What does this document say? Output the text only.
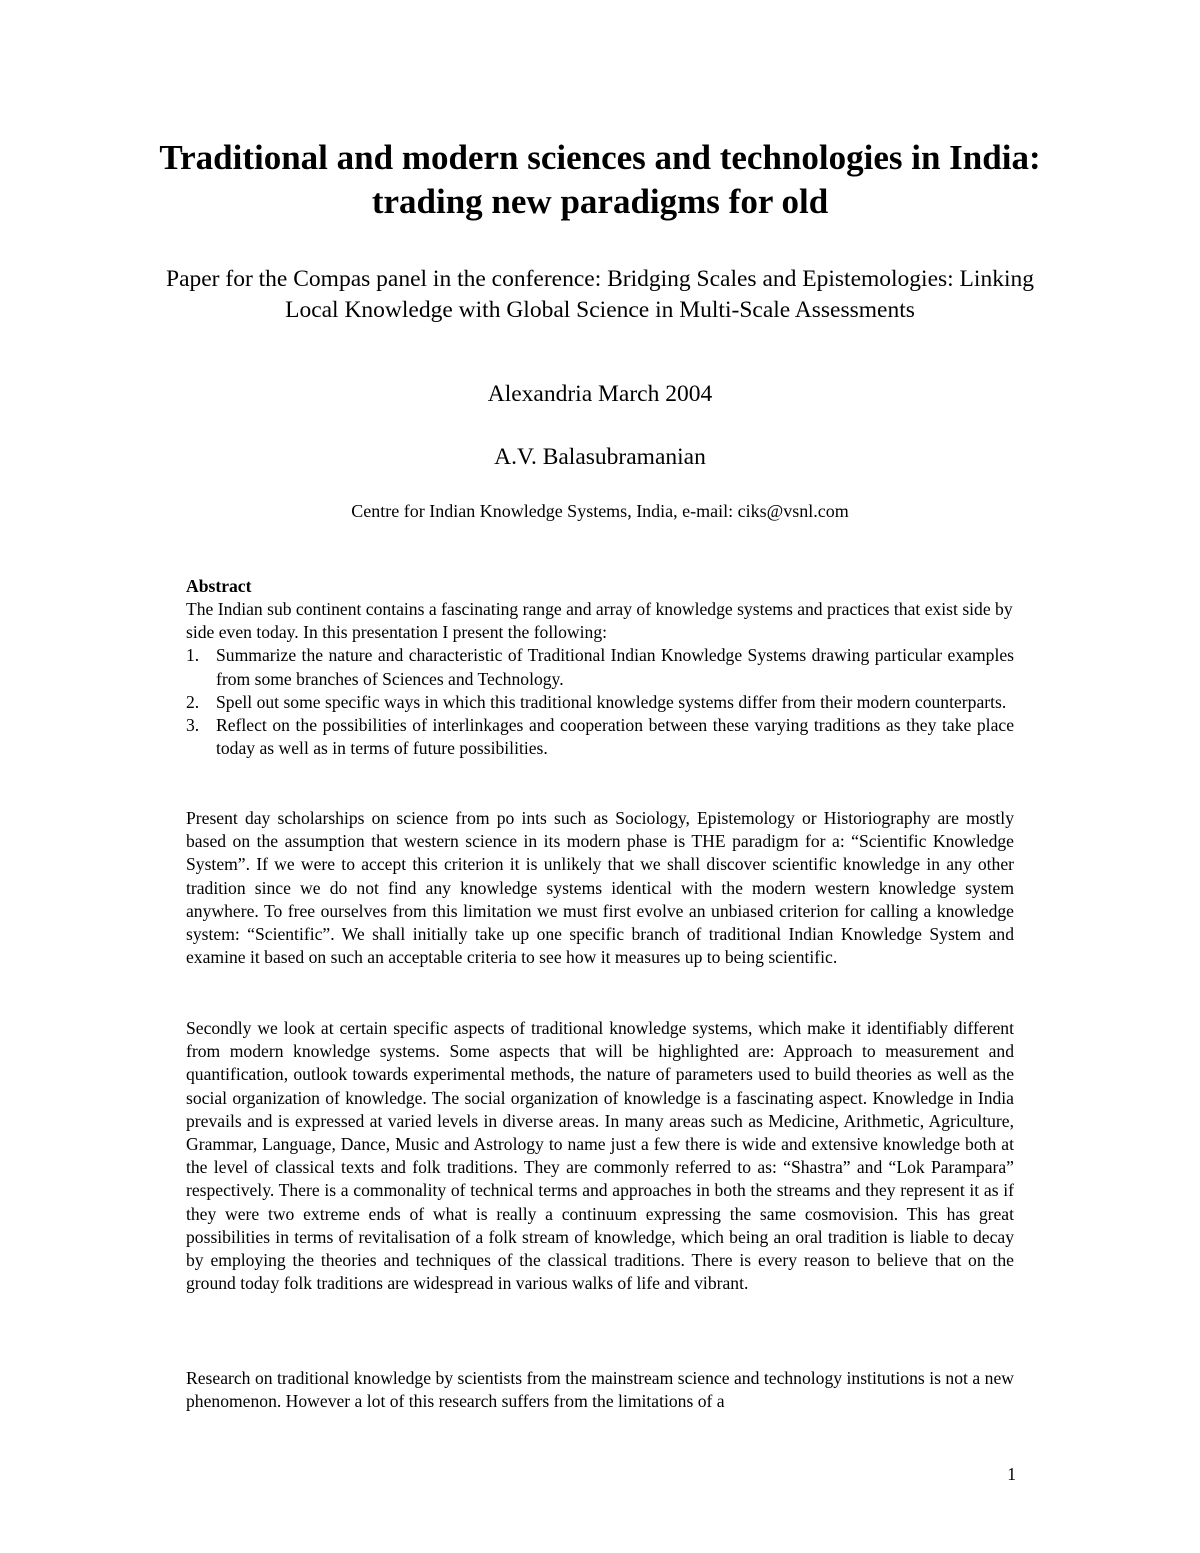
Traditional and modern sciences and technologies in India: trading new paradigms for old

Paper for the Compas panel in the conference: Bridging Scales and Epistemologies: Linking Local Knowledge with Global Science in Multi-Scale Assessments

Alexandria March 2004

A.V. Balasubramanian

Centre for Indian Knowledge Systems, India, e-mail: ciks@vsnl.com

Abstract

The Indian sub continent contains a fascinating range and array of knowledge systems and practices that exist side by side even today. In this presentation I present the following:

1. Summarize the nature and characteristic of Traditional Indian Knowledge Systems drawing particular examples from some branches of Sciences and Technology.
2. Spell out some specific ways in which this traditional knowledge systems differ from their modern counterparts.
3. Reflect on the possibilities of interlinkages and cooperation between these varying traditions as they take place today as well as in terms of future possibilities.

Present day scholarships on science from po ints such as Sociology, Epistemology or Historiography are mostly based on the assumption that western science in its modern phase is THE paradigm for a: “Scientific Knowledge System”. If we were to accept this criterion it is unlikely that we shall discover scientific knowledge in any other tradition since we do not find any knowledge systems identical with the modern western knowledge system anywhere. To free ourselves from this limitation we must first evolve an unbiased criterion for calling a knowledge system: “Scientific”. We shall initially take up one specific branch of traditional Indian Knowledge System and examine it based on such an acceptable criteria to see how it measures up to being scientific.

Secondly we look at certain specific aspects of traditional knowledge systems, which make it identifiably different from modern knowledge systems. Some aspects that will be highlighted are: Approach to measurement and quantification, outlook towards experimental methods, the nature of parameters used to build theories as well as the social organization of knowledge. The social organization of knowledge is a fascinating aspect. Knowledge in India prevails and is expressed at varied levels in diverse areas. In many areas such as Medicine, Arithmetic, Agriculture, Grammar, Language, Dance, Music and Astrology to name just a few there is wide and extensive knowledge both at the level of classical texts and folk traditions. They are commonly referred to as: “Shastra” and “Lok Parampara” respectively. There is a commonality of technical terms and approaches in both the streams and they represent it as if they were two extreme ends of what is really a continuum expressing the same cosmovision. This has great possibilities in terms of revitalisation of a folk stream of knowledge, which being an oral tradition is liable to decay by employing the theories and techniques of the classical traditions. There is every reason to believe that on the ground today folk traditions are widespread in various walks of life and vibrant.

Research on traditional knowledge by scientists from the mainstream science and technology institutions is not a new phenomenon. However a lot of this research suffers from the limitations of a

1
